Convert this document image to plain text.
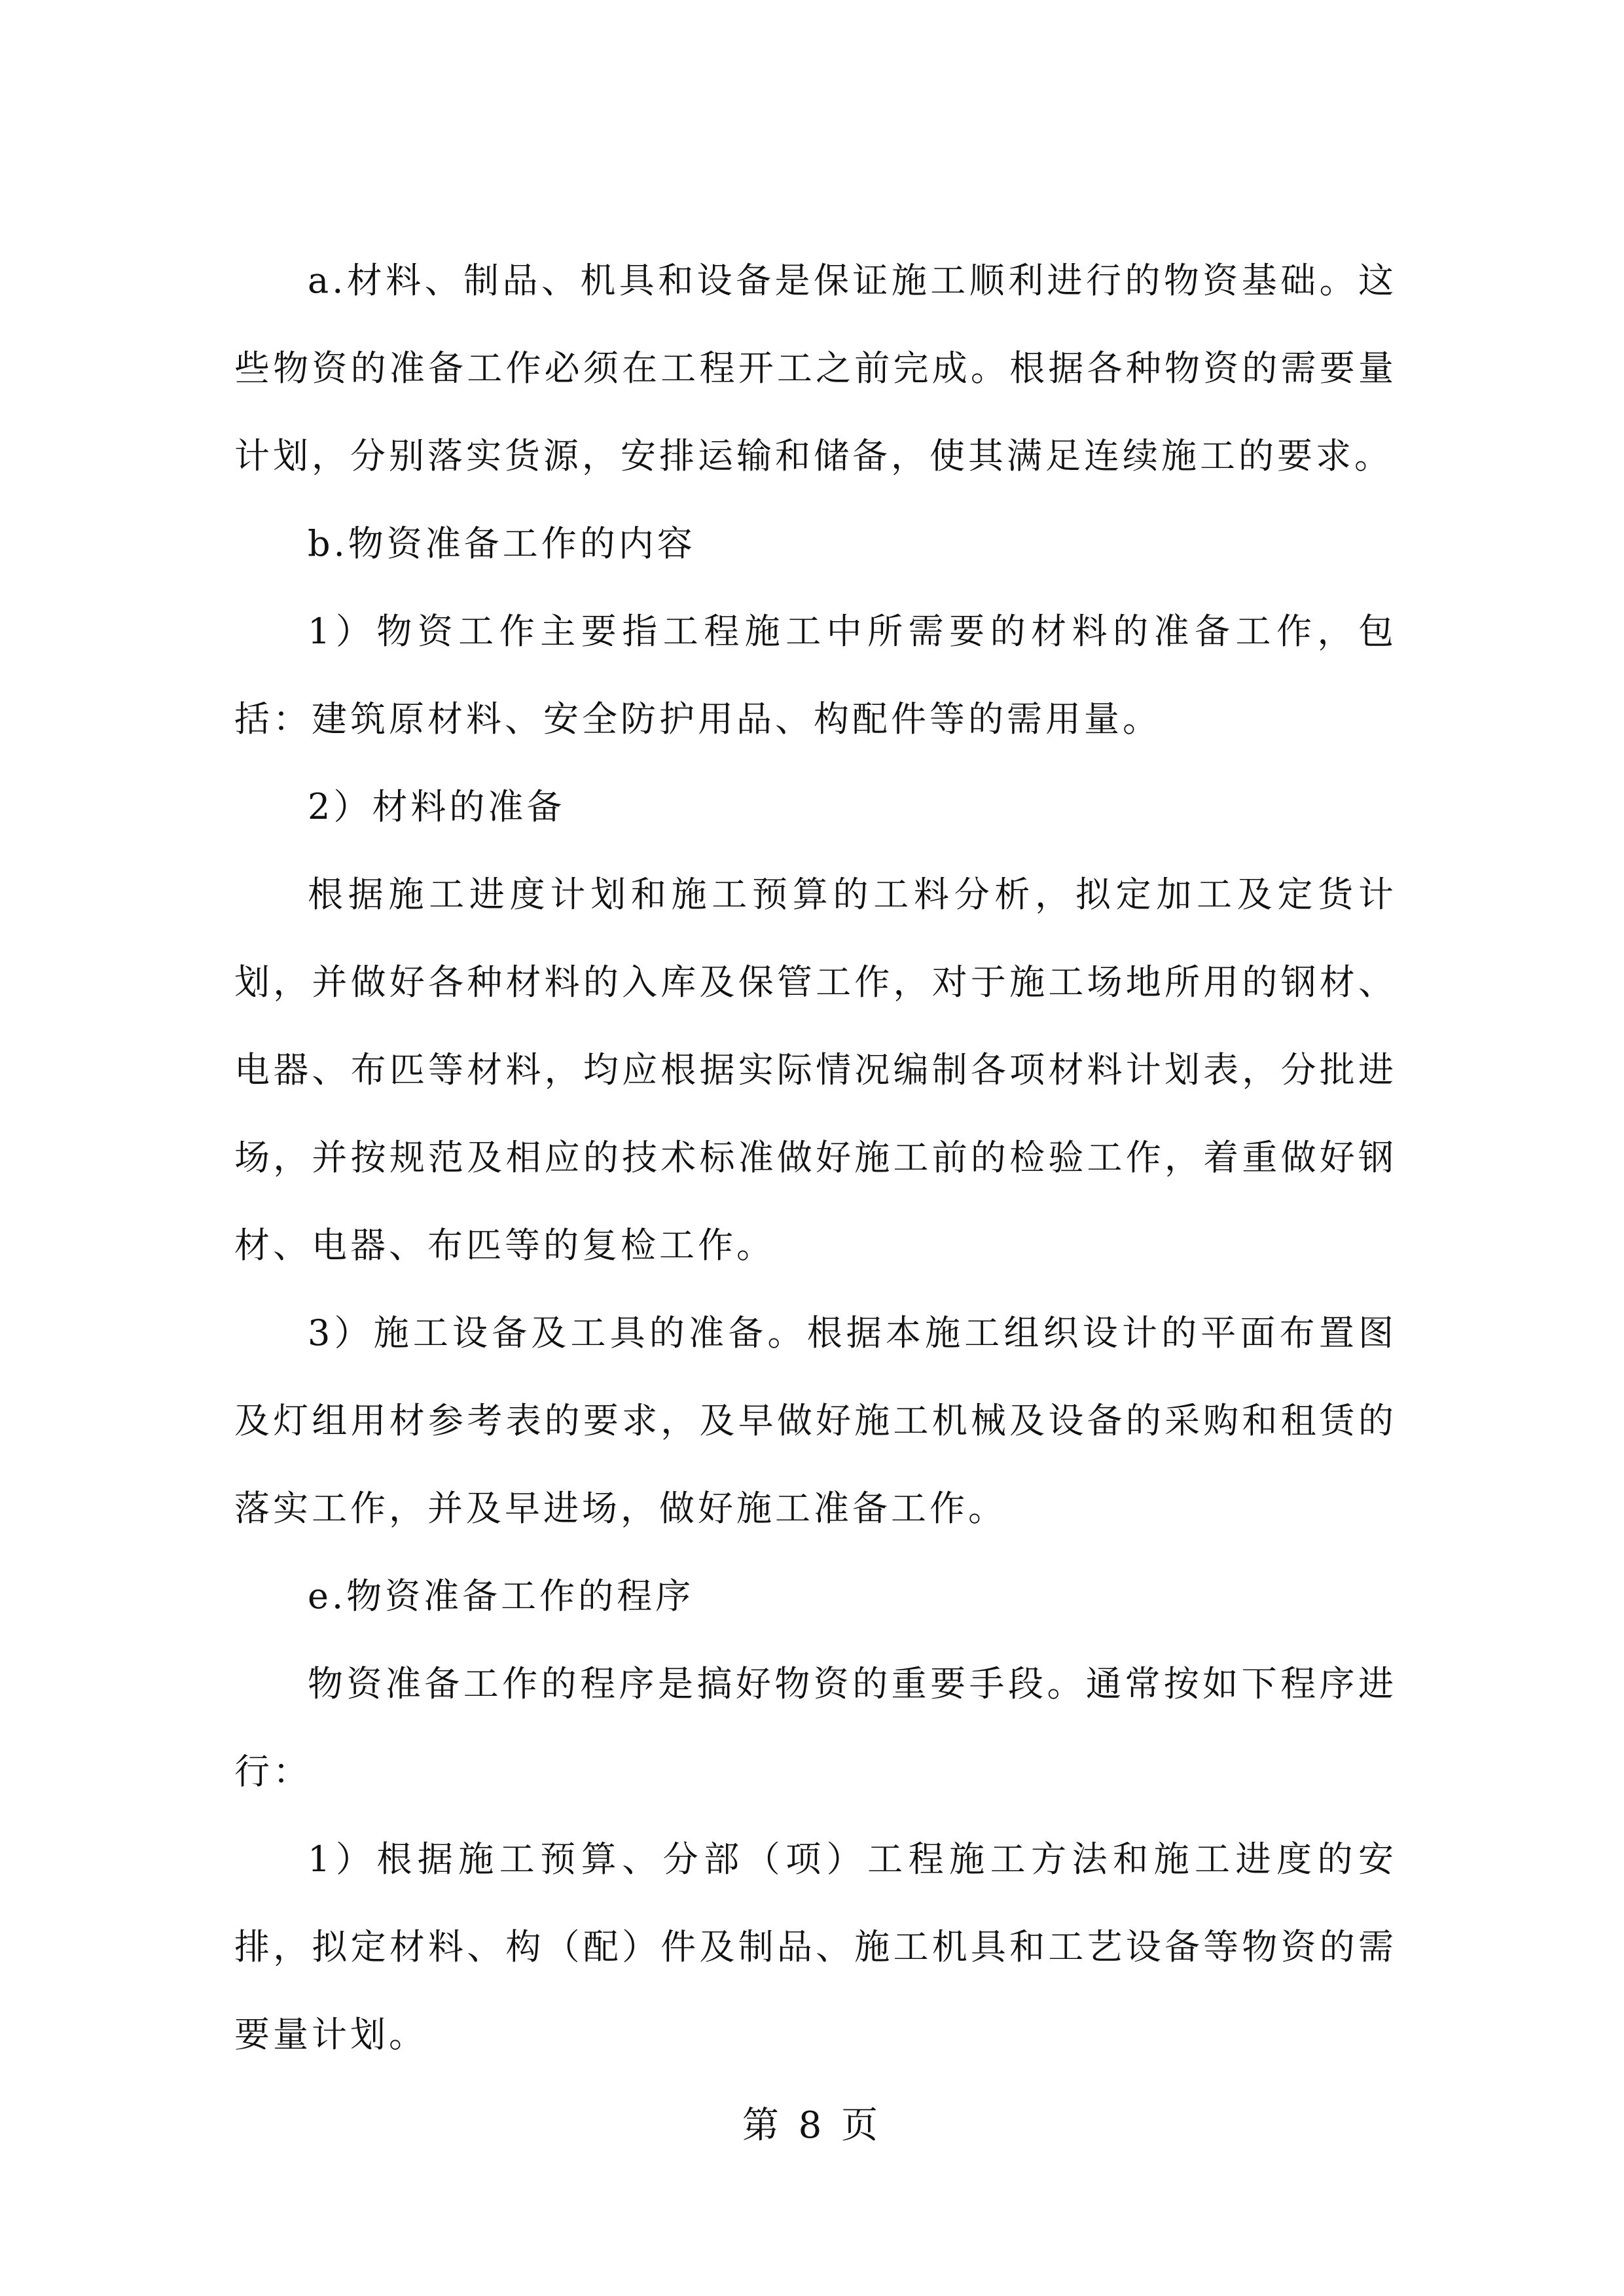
a.材料、制品、机具和设备是保证施工顺利进行的物资基础。这些物资的准备工作必须在工程开工之前完成。根据各种物资的需要量计划，分别落实货源，安排运输和储备，使其满足连续施工的要求。

b.物资准备工作的内容

1）物资工作主要指工程施工中所需要的材料的准备工作，包括：建筑原材料、安全防护用品、构配件等的需用量。

2）材料的准备

根据施工进度计划和施工预算的工料分析，拟定加工及定货计划，并做好各种材料的入库及保管工作，对于施工场地所用的钢材、电器、布匹等材料，均应根据实际情况编制各项材料计划表，分批进场，并按规范及相应的技术标准做好施工前的检验工作，着重做好钢材、电器、布匹等的复检工作。

3）施工设备及工具的准备。根据本施工组织设计的平面布置图及灯组用材参考表的要求，及早做好施工机械及设备的采购和租赁的落实工作，并及早进场，做好施工准备工作。

e.物资准备工作的程序

物资准备工作的程序是搞好物资的重要手段。通常按如下程序进行：

1）根据施工预算、分部（项）工程施工方法和施工进度的安排，拟定材料、构（配）件及制品、施工机具和工艺设备等物资的需要量计划。

第 8 页
